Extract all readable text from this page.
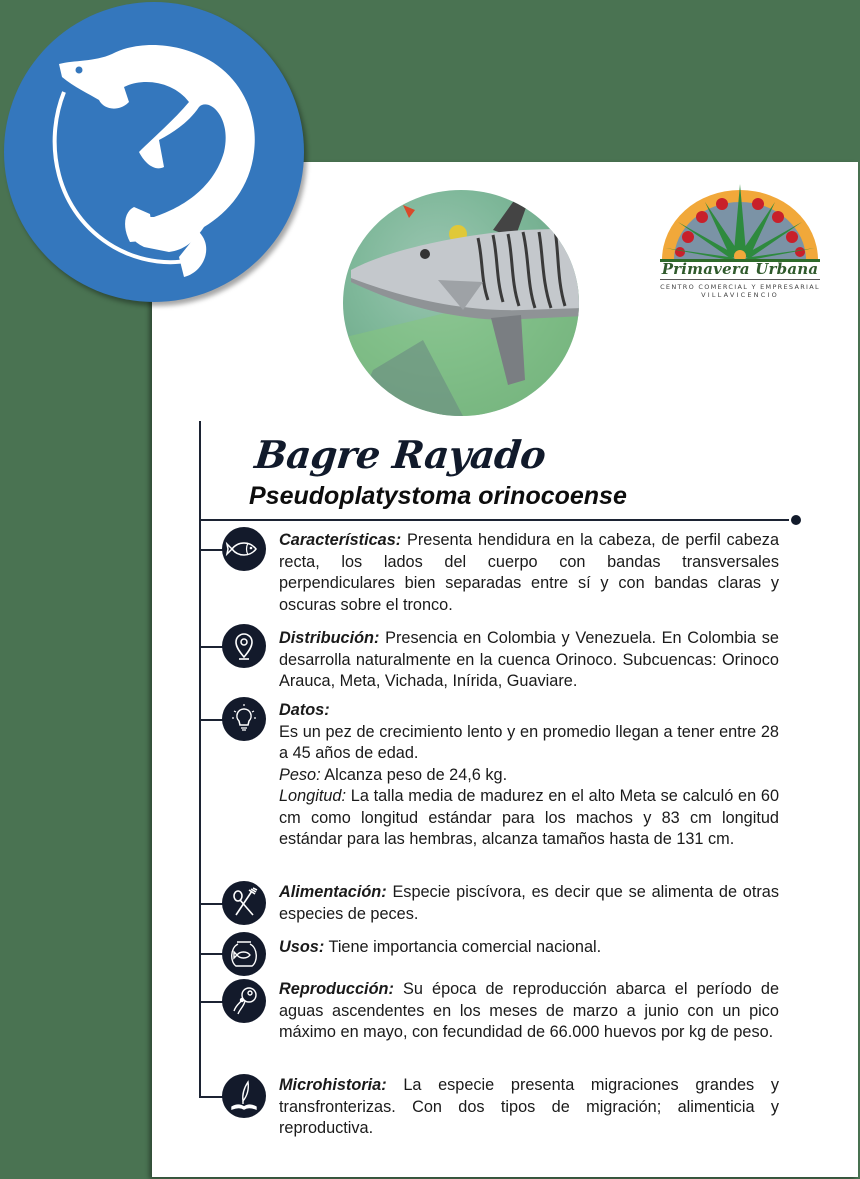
Primavera Urbana
CENTRO COMERCIAL Y EMPRESARIAL
VILLAVICENCIO
Bagre Rayado
Pseudoplatystoma orinocoense

Características: Presenta hendidura en la cabeza, de perfil cabeza recta, los lados del cuerpo con bandas transversales perpendiculares bien separadas entre sí y con bandas claras y oscuras sobre el tronco.

Distribución: Presencia en Colombia y Venezuela. En Colombia se desarrolla naturalmente en la cuenca Orinoco. Subcuencas: Orinoco Arauca, Meta, Vichada, Inírida, Guaviare.

Datos:

Es un pez de crecimiento lento y en promedio llegan a tener entre 28 a 45 años de edad.

Peso: Alcanza peso de 24,6 kg.

Longitud: La talla media de madurez en el alto Meta se calculó en 60 cm como longitud estándar para los machos y 83 cm longitud estándar para las hembras, alcanza tamaños hasta de 131 cm.

Alimentación: Especie piscívora, es decir que se alimenta de otras especies de peces.

Usos: Tiene importancia comercial nacional.

Reproducción: Su época de reproducción abarca el período de aguas ascendentes en los meses de marzo a junio con un pico máximo en mayo, con fecundidad de 66.000 huevos por kg de peso.

Microhistoria: La especie presenta migraciones grandes y transfronterizas. Con dos tipos de migración; alimenticia y reproductiva.
